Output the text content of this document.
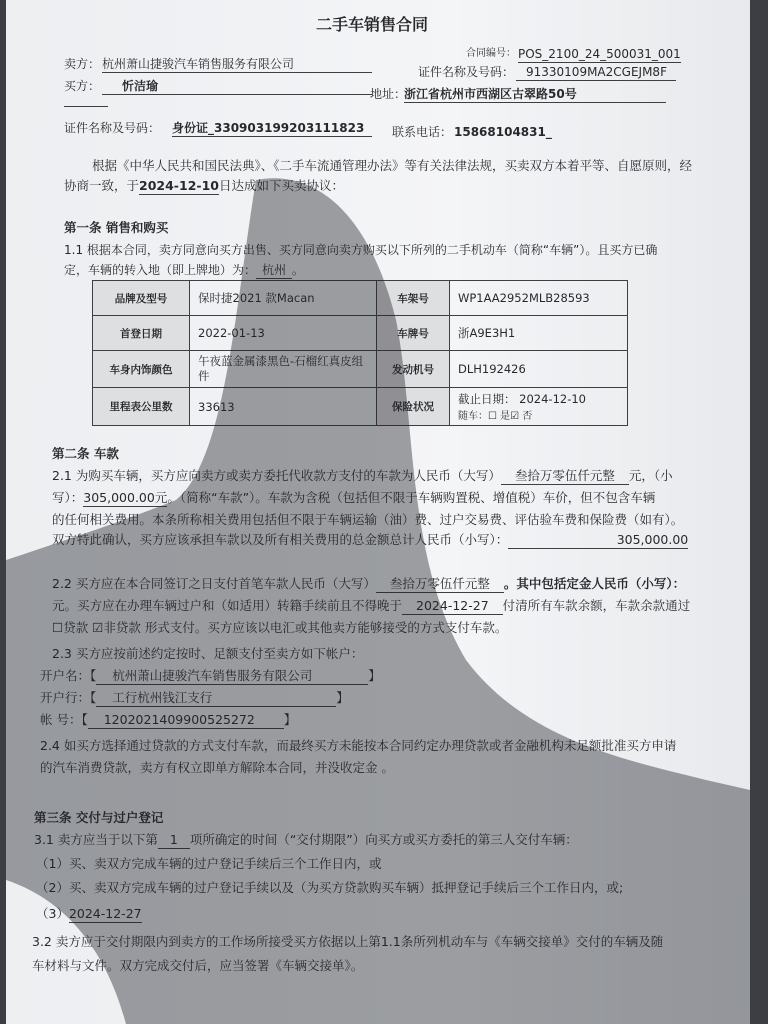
二手车销售合同
合同编号： POS_2100_24_500031_001
卖方： 杭州萧山捷骏汽车销售服务有限公司
证件名称及号码： 91330109MA2CGEJM8F
买方：	忻洁瑜
地址：
浙江省杭州市西湖区古翠路50号
证件名称及号码： 身份证_330903199203111823	联系电话： 15868104831_
根据《中华人民共和国民法典》、《二手车流通管理办法》等有关法律法规，买卖双方本着平等、自愿原则，经
协商一致，于2024-12-10日达成如下买卖协议：
第一条 销售和购买
1.1 根据本合同，卖方同意向买方出售、买方同意向卖方购买以下所列的二手机动车（简称“车辆”）。且买方已确
定，车辆的转入地（即上牌地）为： 杭州 。
品牌及型号	保时捷2021 款Macan	车架号	WP1AA2952MLB28593
首登日期	2022-01-13	车牌号	浙A9E3H1
车身内饰颜色	午夜蓝金属漆黑色-石榴红真皮组件	发动机号	DLH192426
里程表公里数	33613	保险状况	截止日期： 2024-12-10
随车：☐ 是☑ 否
第二条 车款
2.1 为购买车辆，买方应向卖方或卖方委托代收款方支付的车款为人民币（大写） 叁拾万零伍仟元整 元，（小
写）：305,000.00元。（简称“车款”）。车款为含税（包括但不限于车辆购置税、增值税）车价，但不包含车辆
的任何相关费用。本条所称相关费用包括但不限于车辆运输（油）费、过户交易费、评估验车费和保险费（如有）。
双方特此确认，买方应该承担车款以及所有相关费用的总金额总计人民币（小写）：	305,000.00
2.2 买方应在本合同签订之日支付首笔车款人民币（大写） 叁拾万零伍仟元整 。其中包括定金人民币（小写）：
元。买方应在办理车辆过户和（如适用）转籍手续前且不得晚于 2024-12-27 付清所有车款余额，车款余款通过
☐贷款 ☑非贷款 形式支付。买方应该以电汇或其他卖方能够接受的方式支付车款。
2.3 买方应按前述约定按时、足额支付至卖方如下帐户：
开户名：【 杭州萧山捷骏汽车销售服务有限公司	】
开户行：【 工行杭州钱江支行	】
帐 号：【 1202021409900525272 】
2.4 如买方选择通过贷款的方式支付车款，而最终买方未能按本合同约定办理贷款或者金融机构未足额批准买方申请
的汽车消费贷款，卖方有权立即单方解除本合同，并没收定金 。
第三条 交付与过户登记
3.1 卖方应当于以下第 1 项所确定的时间（“交付期限”）向买方或买方委托的第三人交付车辆：
（1）买、卖双方完成车辆的过户登记手续后三个工作日内，或
（2）买、卖双方完成车辆的过户登记手续以及（为买方贷款购买车辆）抵押登记手续后三个工作日内，或;
（3）2024-12-27
3.2 卖方应于交付期限内到卖方的工作场所接受买方依据以上第1.1条所列机动车与《车辆交接单》交付的车辆及随
车材料与文件。双方完成交付后，应当签署《车辆交接单》。
